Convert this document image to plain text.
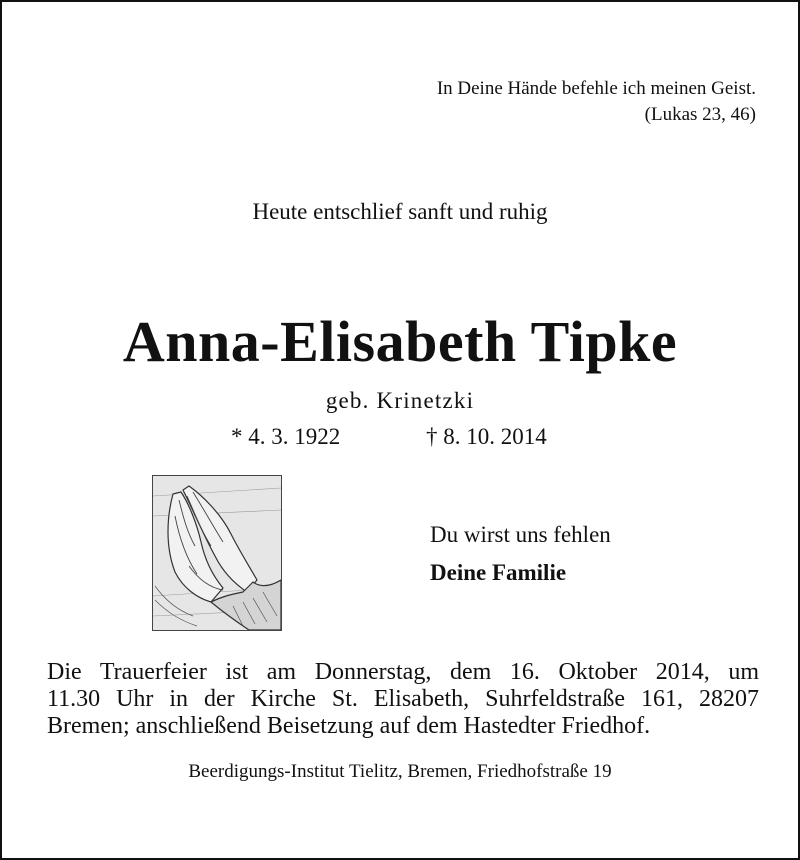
In Deine Hände befehle ich meinen Geist.
(Lukas 23, 46)
Heute entschlief sanft und ruhig
Anna-Elisabeth Tipke
geb. Krinetzki
* 4. 3. 1922	† 8. 10. 2014
Du wirst uns fehlen
Deine Familie

Die Trauerfeier ist am Donnerstag, dem 16. Oktober 2014, um
11.30 Uhr in der Kirche St. Elisabeth, Suhrfeldstraße 161, 28207
Bremen; anschließend Beisetzung auf dem Hastedter Friedhof.

Beerdigungs-Institut Tielitz, Bremen, Friedhofstraße 19
